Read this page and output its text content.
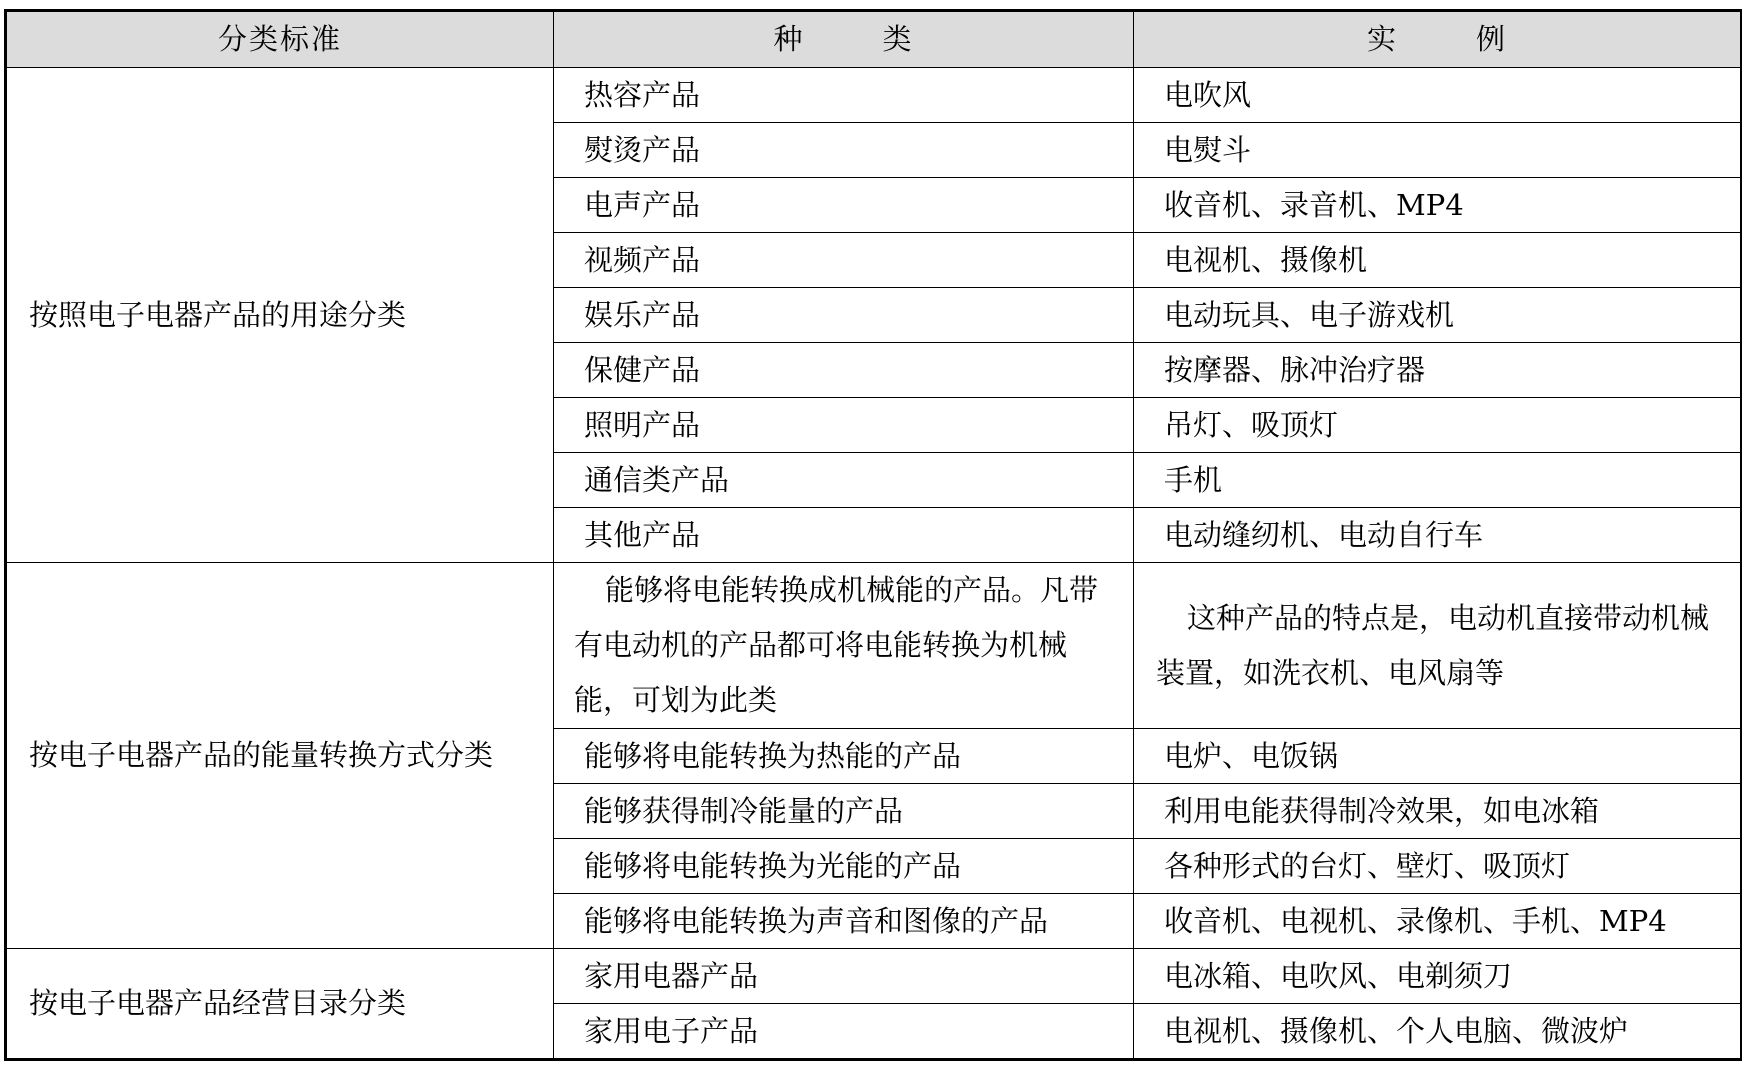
分类标准	种 类	实 例
按照电子电器产品的用途分类	热容产品	电吹风
	熨烫产品	电熨斗
	电声产品	收音机、录音机、MP4
	视频产品	电视机、摄像机
	娱乐产品	电动玩具、电子游戏机
	保健产品	按摩器、脉冲治疗器
	照明产品	吊灯、吸顶灯
	通信类产品	手机
	其他产品	电动缝纫机、电动自行车
按电子电器产品的能量转换方式分类	能够将电能转换成机械能的产品。凡带有电动机的产品都可将电能转换为机械能，可划为此类	这种产品的特点是，电动机直接带动机械装置，如洗衣机、电风扇等
	能够将电能转换为热能的产品	电炉、电饭锅
	能够获得制冷能量的产品	利用电能获得制冷效果，如电冰箱
	能够将电能转换为光能的产品	各种形式的台灯、壁灯、吸顶灯
	能够将电能转换为声音和图像的产品	收音机、电视机、录像机、手机、MP4
按电子电器产品经营目录分类	家用电器产品	电冰箱、电吹风、电剃须刀
	家用电子产品	电视机、摄像机、个人电脑、微波炉
